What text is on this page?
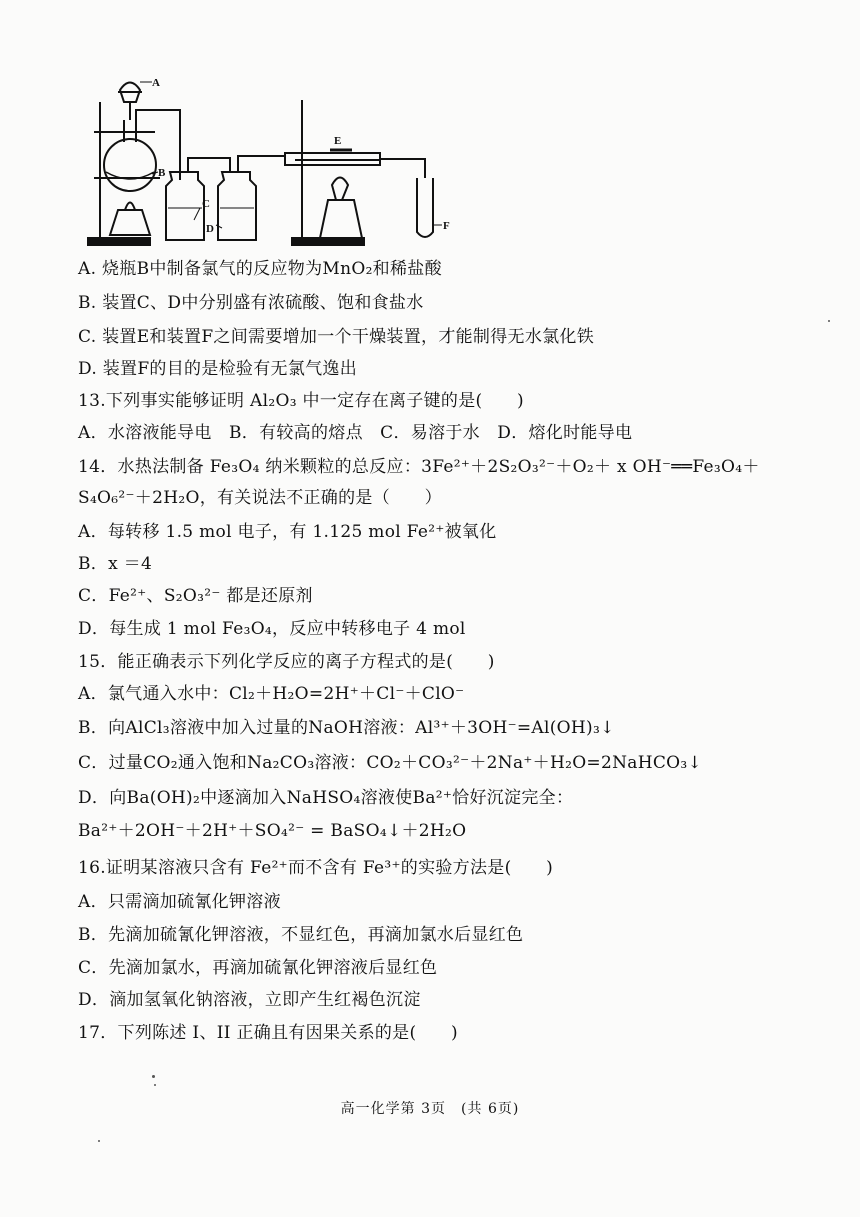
A
B
C
D
E
F
A. 烧瓶B中制备氯气的反应物为MnO₂和稀盐酸
B. 装置C、D中分别盛有浓硫酸、饱和食盐水
C. 装置E和装置F之间需要增加一个干燥装置，才能制得无水氯化铁
D. 装置F的目的是检验有无氯气逸出
13.下列事实能够证明 Al₂O₃ 中一定存在离子键的是(　　)
A．水溶液能导电　B．有较高的熔点　C．易溶于水　D．熔化时能导电
14．水热法制备 Fe₃O₄ 纳米颗粒的总反应：3Fe²⁺＋2S₂O₃²⁻＋O₂＋ x OH⁻══Fe₃O₄＋
S₄O₆²⁻＋2H₂O，有关说法不正确的是（　　）
A．每转移 1.5 mol 电子，有 1.125 mol Fe²⁺被氧化
B．x ＝4
C．Fe²⁺、S₂O₃²⁻ 都是还原剂
D．每生成 1 mol Fe₃O₄，反应中转移电子 4 mol
15．能正确表示下列化学反应的离子方程式的是(　　)
A．氯气通入水中：Cl₂＋H₂O=2H⁺＋Cl⁻＋ClO⁻
B．向AlCl₃溶液中加入过量的NaOH溶液：Al³⁺＋3OH⁻=Al(OH)₃↓
C．过量CO₂通入饱和Na₂CO₃溶液：CO₂＋CO₃²⁻＋2Na⁺＋H₂O=2NaHCO₃↓
D．向Ba(OH)₂中逐滴加入NaHSO₄溶液使Ba²⁺恰好沉淀完全：
Ba²⁺＋2OH⁻＋2H⁺＋SO₄²⁻ = BaSO₄↓＋2H₂O
16.证明某溶液只含有 Fe²⁺而不含有 Fe³⁺的实验方法是(　　)
A．只需滴加硫氰化钾溶液
B．先滴加硫氰化钾溶液，不显红色，再滴加氯水后显红色
C．先滴加氯水，再滴加硫氰化钾溶液后显红色
D．滴加氢氧化钠溶液，立即产生红褐色沉淀
17．下列陈述 I、II 正确且有因果关系的是(　　)
高一化学第 3页　(共 6页)
